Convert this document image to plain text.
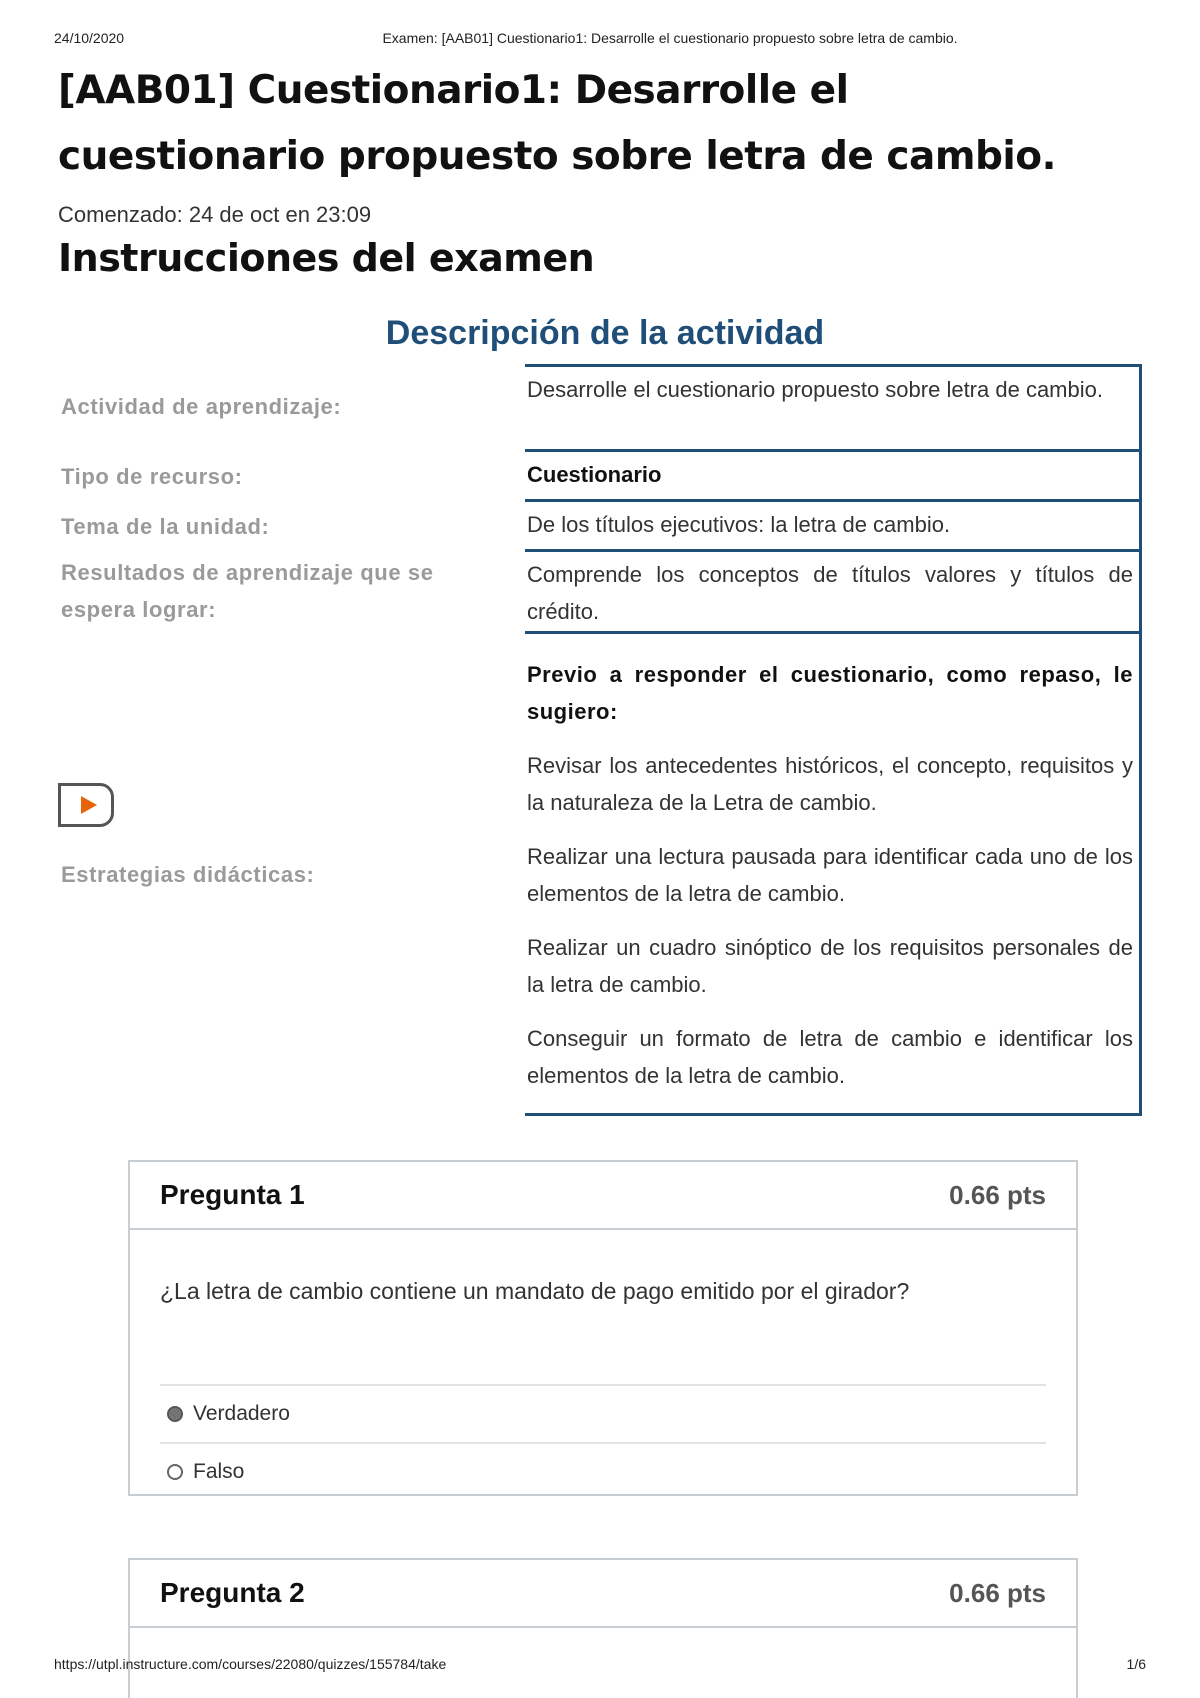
24/10/2020	Examen: [AAB01] Cuestionario1: Desarrolle el cuestionario propuesto sobre letra de cambio.
[AAB01] Cuestionario1: Desarrolle el cuestionario propuesto sobre letra de cambio.
Comenzado: 24 de oct en 23:09
Instrucciones del examen
Descripción de la actividad
Actividad de aprendizaje:
Desarrolle el cuestionario propuesto sobre letra de cambio.
Tipo de recurso:	Cuestionario
Tema de la unidad:	De los títulos ejecutivos: la letra de cambio.
Resultados de aprendizaje que se espera lograr:
Comprende los conceptos de títulos valores y títulos de crédito.
Estrategias didácticas:

Previo a responder el cuestionario, como repaso, le sugiero:

Revisar los antecedentes históricos, el concepto, requisitos y la naturaleza de la Letra de cambio.

Realizar una lectura pausada para identificar cada uno de los elementos de la letra de cambio.

Realizar un cuadro sinóptico de los requisitos personales de la letra de cambio.

Conseguir un formato de letra de cambio e identificar los elementos de la letra de cambio.

Pregunta 1	0.66 pts
¿La letra de cambio contiene un mandato de pago emitido por el girador?
Verdadero
Falso
Pregunta 2	0.66 pts
https://utpl.instructure.com/courses/22080/quizzes/155784/take	1/6
